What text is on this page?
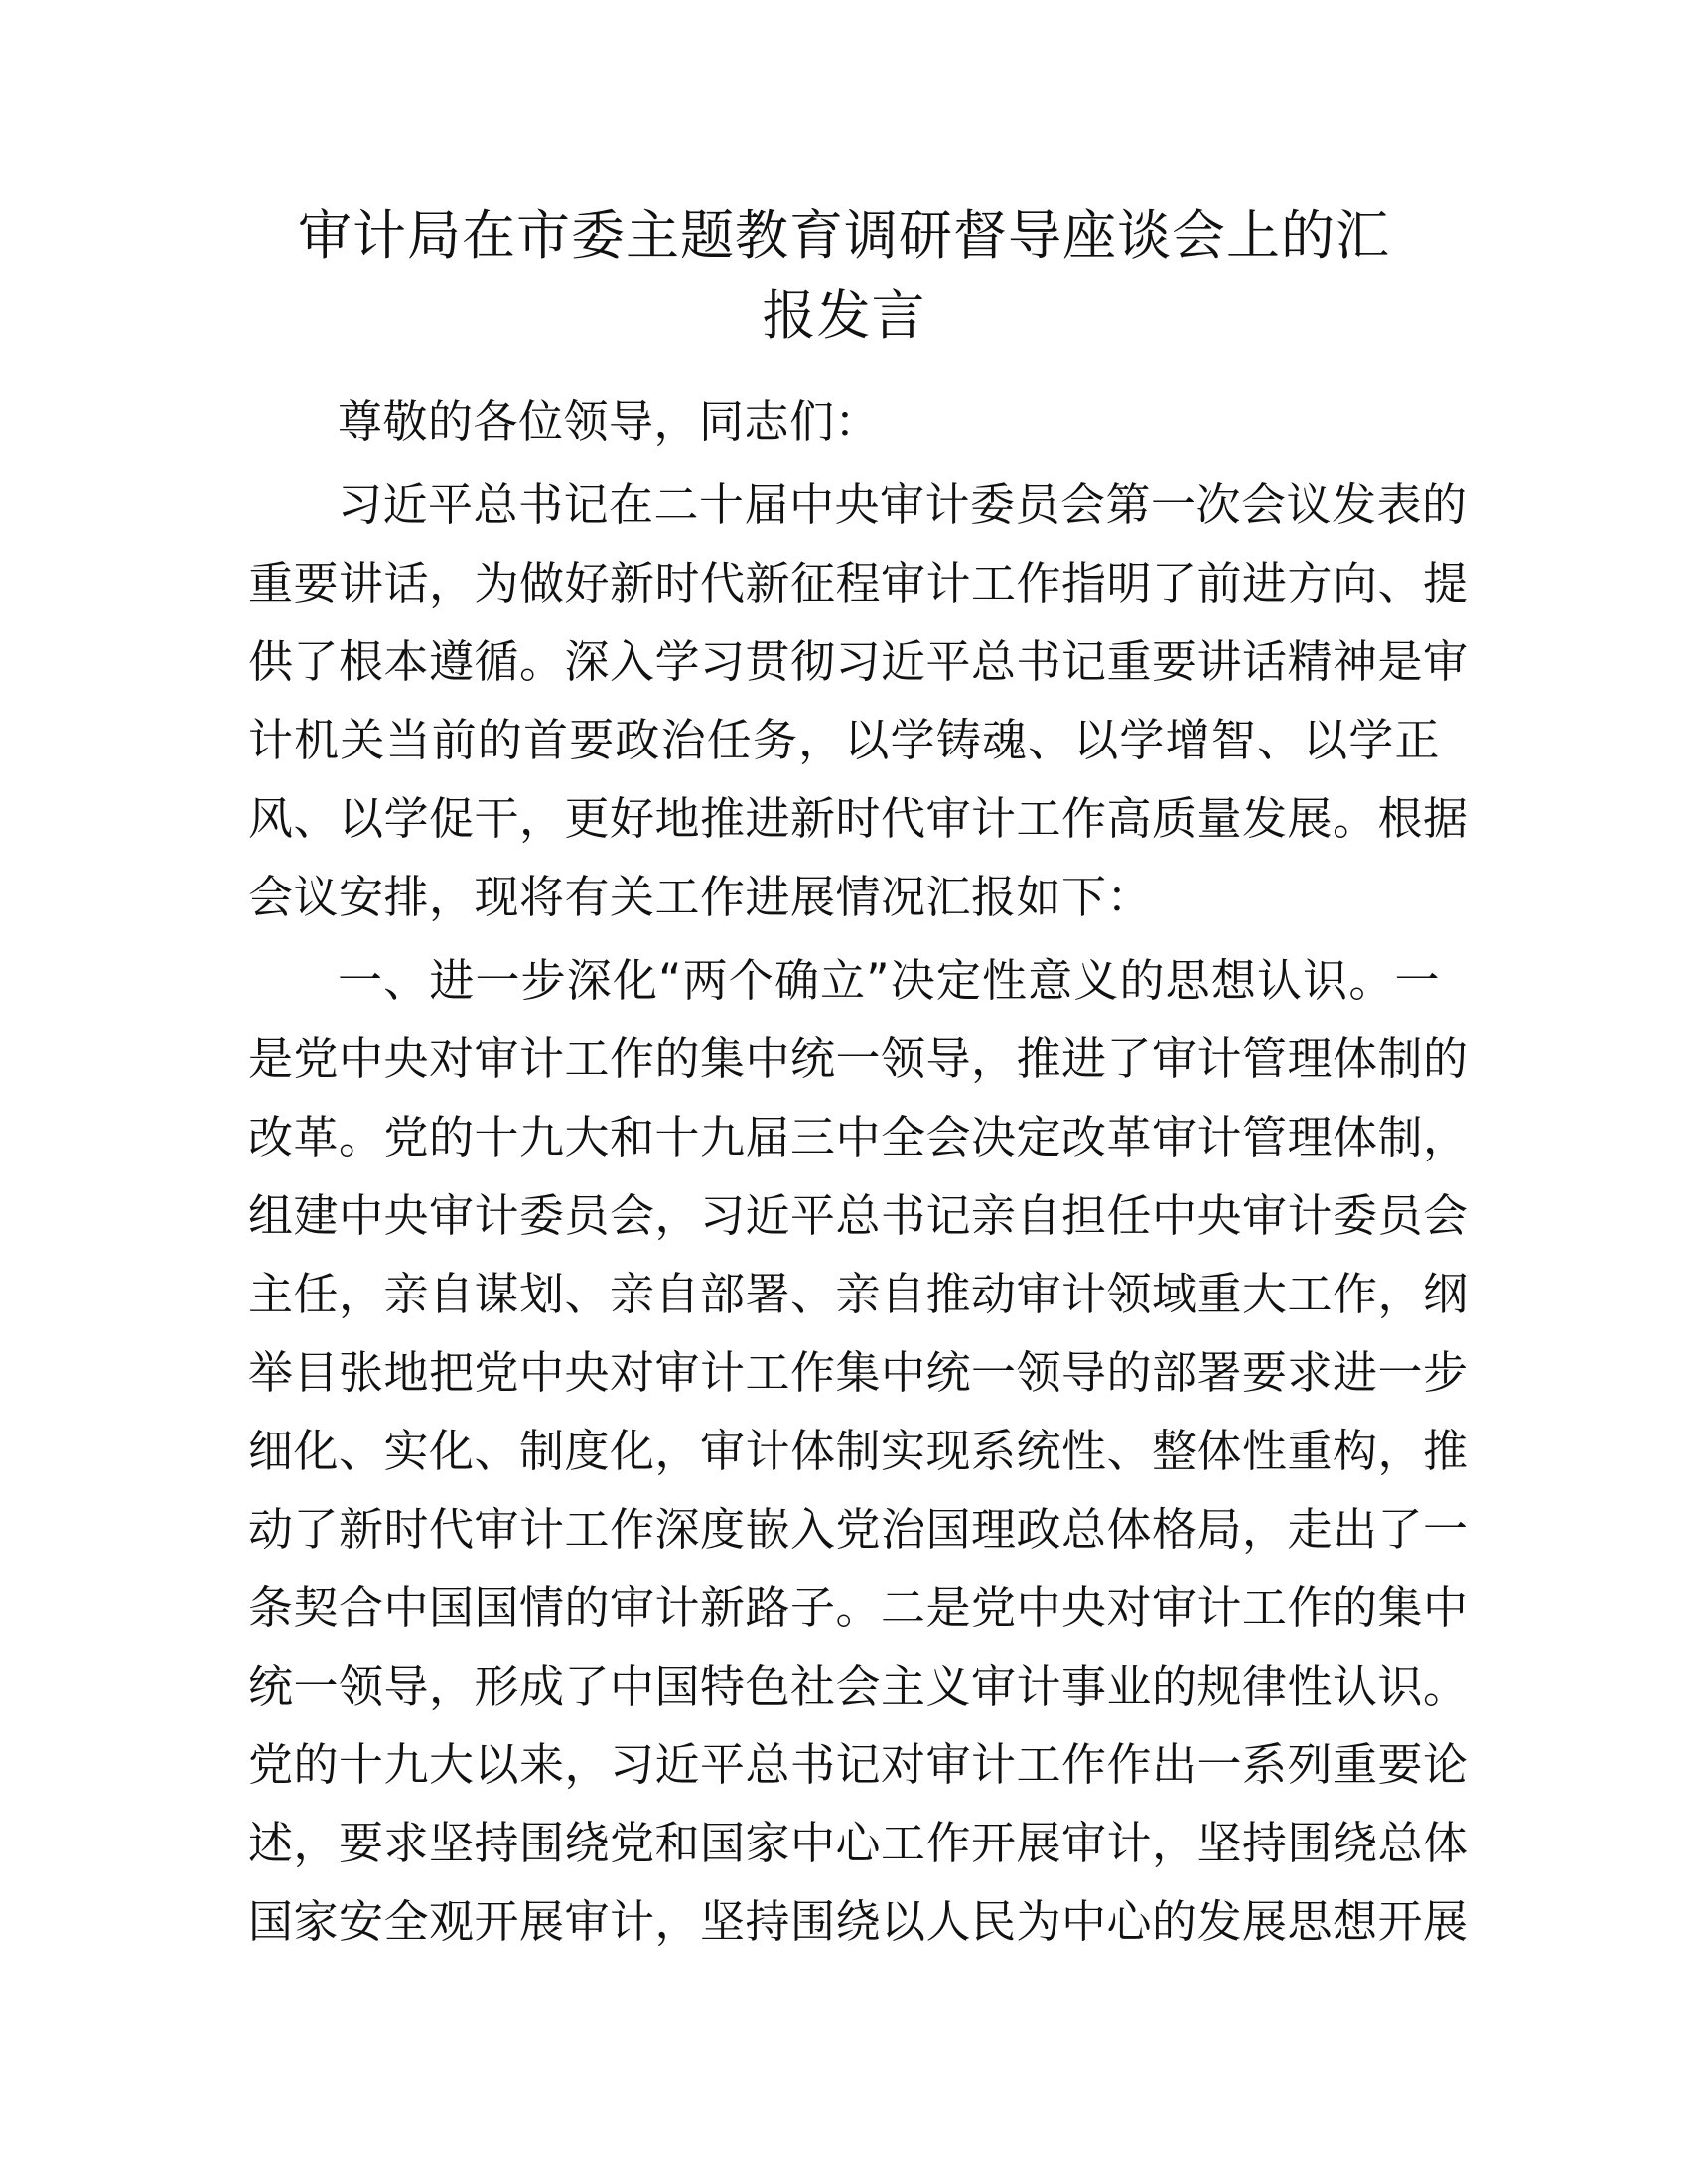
审计局在市委主题教育调研督导座谈会上的汇
报发言
尊敬的各位领导，同志们：
习近平总书记在二十届中央审计委员会第一次会议发表的
重要讲话，为做好新时代新征程审计工作指明了前进方向、提
供了根本遵循。深入学习贯彻习近平总书记重要讲话精神是审
计机关当前的首要政治任务，以学铸魂、以学增智、以学正
风、以学促干，更好地推进新时代审计工作高质量发展。根据
会议安排，现将有关工作进展情况汇报如下：
一、进一步深化“两个确立”决定性意义的思想认识。一
是党中央对审计工作的集中统一领导，推进了审计管理体制的
改革。党的十九大和十九届三中全会决定改革审计管理体制，
组建中央审计委员会，习近平总书记亲自担任中央审计委员会
主任，亲自谋划、亲自部署、亲自推动审计领域重大工作，纲
举目张地把党中央对审计工作集中统一领导的部署要求进一步
细化、实化、制度化，审计体制实现系统性、整体性重构，推
动了新时代审计工作深度嵌入党治国理政总体格局，走出了一
条契合中国国情的审计新路子。二是党中央对审计工作的集中
统一领导，形成了中国特色社会主义审计事业的规律性认识。
党的十九大以来，习近平总书记对审计工作作出一系列重要论
述，要求坚持围绕党和国家中心工作开展审计，坚持围绕总体
国家安全观开展审计，坚持围绕以人民为中心的发展思想开展
